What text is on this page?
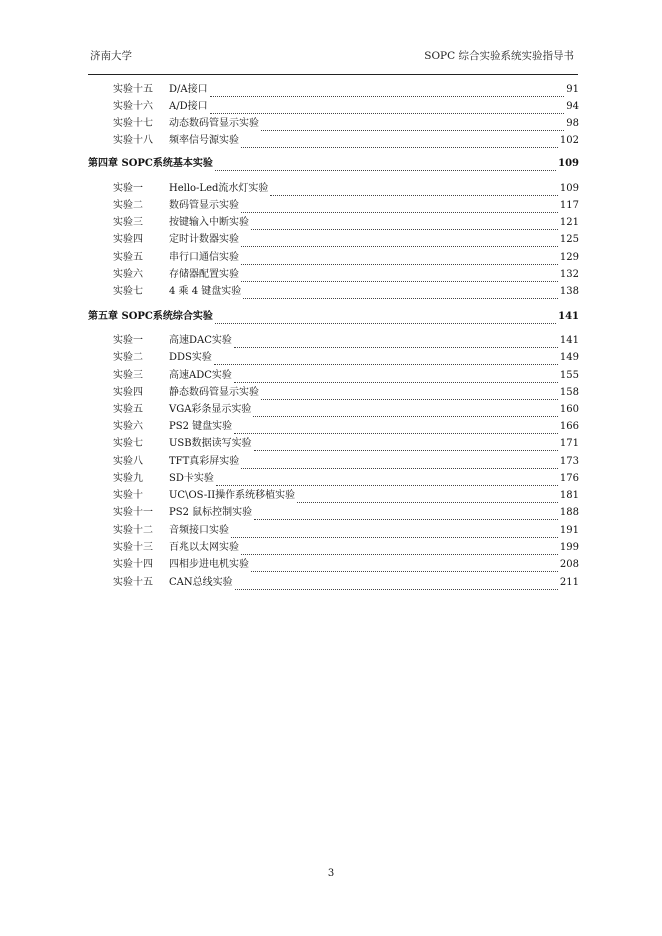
济南大学	SOPC 综合实验系统实验指导书
实验十五	D/A接口	91
实验十六	A/D接口	94
实验十七	动态数码管显示实验	98
实验十八	频率信号源实验	102
第四章 SOPC系统基本实验	109
实验一	Hello-Led流水灯实验	109
实验二	数码管显示实验	117
实验三	按键输入中断实验	121
实验四	定时计数器实验	125
实验五	串行口通信实验	129
实验六	存储器配置实验	132
实验七	4 乘 4 键盘实验	138
第五章 SOPC系统综合实验	141
实验一	高速DAC实验	141
实验二	DDS实验	149
实验三	高速ADC实验	155
实验四	静态数码管显示实验	158
实验五	VGA彩条显示实验	160
实验六	PS2 键盘实验	166
实验七	USB数据读写实验	171
实验八	TFT真彩屏实验	173
实验九	SD卡实验	176
实验十	UC\OS-II操作系统移植实验	181
实验十一	PS2 鼠标控制实验	188
实验十二	音频接口实验	191
实验十三	百兆以太网实验	199
实验十四	四相步进电机实验	208
实验十五	CAN总线实验	211
3
